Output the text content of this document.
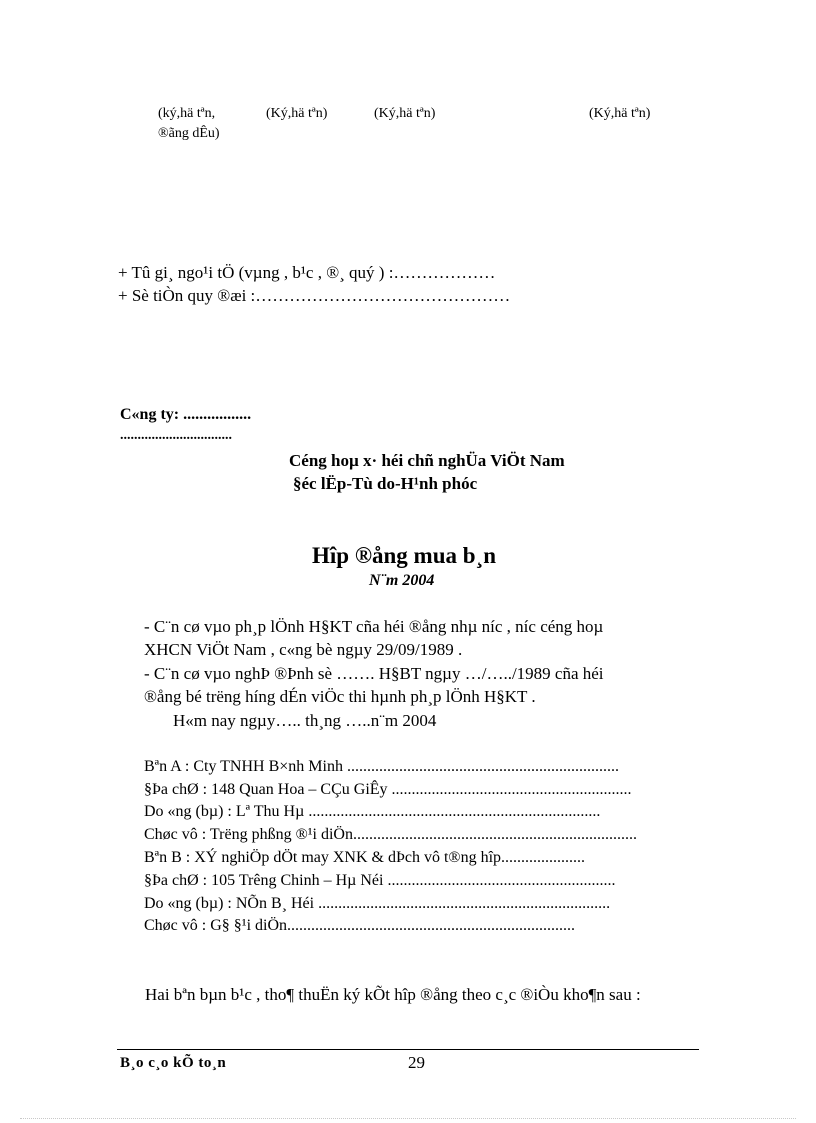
(ký,hä tªn,
®ãng dÊu)
(Ký,hä tªn)	(Ký,hä tªn)	(Ký,hä tªn)
+ Tû gi¸ ngo¹i tÖ (vµng , b¹c , ®¸ quý ) :………………
+ Sè tiÒn quy ®æi :………………………………………
C«ng ty: .................
................................
Céng hoµ x· héi chñ nghÜa ViÖt Nam
§éc lËp-Tù do-H¹nh phóc
Hîp ®ång mua b¸n
N¨m 2004
- C¨n cø vµo ph¸p lÖnh H§KT cña héi ®ång nhµ níc , níc céng hoµ
XHCN ViÖt Nam , c«ng bè ngµy 29/09/1989 .
- C¨n cø vµo nghÞ ®Þnh sè ……. H§BT ngµy …/…../1989 cña héi
®ång bé trëng híng dÉn viÖc thi hµnh ph¸p lÖnh H§KT .
H«m nay ngµy….. th¸ng …..n¨m 2004
Bªn A : Cty TNHH B×nh Minh ....................................................................
§Þa chØ : 148 Quan Hoa – CÇu GiÊy ............................................................
Do «ng (bµ) : Lª Thu Hµ .........................................................................
Chøc vô : Trëng phßng ®¹i diÖn.......................................................................
Bªn B : XÝ nghiÖp dÖt may XNK & dÞch vô t®ng hîp.....................
§Þa chØ : 105 Trêng Chinh – Hµ Néi .........................................................
Do «ng (bµ) : NÕn B¸ Héi .........................................................................
Chøc vô : G§ §¹i diÖn........................................................................
Hai bªn bµn b¹c , tho¶ thuËn ký kÕt hîp ®ång theo c¸c ®iÒu kho¶n sau :
B¸o c¸o kÕ to¸n	29
